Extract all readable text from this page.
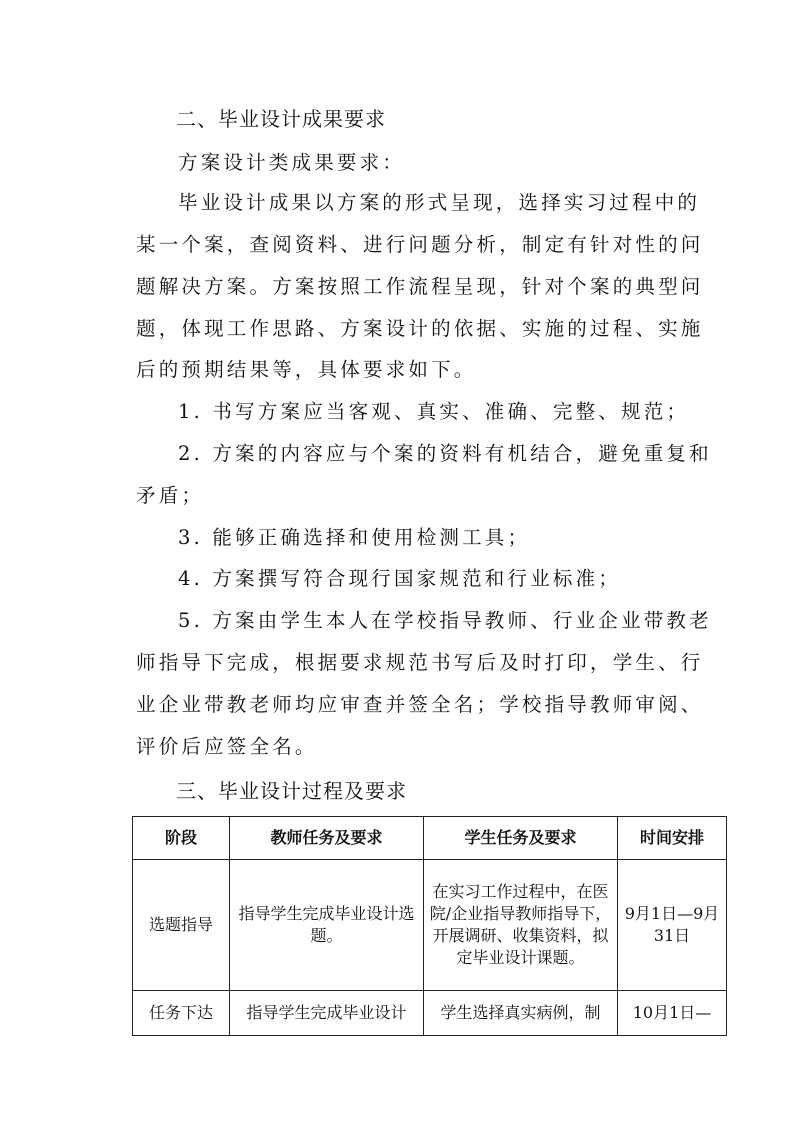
二、毕业设计成果要求
方案设计类成果要求：
毕业设计成果以方案的形式呈现，选择实习过程中的
某一个案，查阅资料、进行问题分析，制定有针对性的问
题解决方案。方案按照工作流程呈现，针对个案的典型问
题，体现工作思路、方案设计的依据、实施的过程、实施
后的预期结果等，具体要求如下。
1. 书写方案应当客观、真实、准确、完整、规范；
2. 方案的内容应与个案的资料有机结合，避免重复和
矛盾；
3. 能够正确选择和使用检测工具；
4. 方案撰写符合现行国家规范和行业标准；
5. 方案由学生本人在学校指导教师、行业企业带教老
师指导下完成，根据要求规范书写后及时打印，学生、行
业企业带教老师均应审查并签全名；学校指导教师审阅、
评价后应签全名。
三、毕业设计过程及要求
阶段	教师任务及要求	学生任务及要求	时间安排
选题指导	指导学生完成毕业设计选题。	在实习工作过程中，在医院/企业指导教师指导下，开展调研、收集资料，拟定毕业设计课题。	9月1日—9月31日
任务下达	指导学生完成毕业设计	学生选择真实病例，制	10月1日—
